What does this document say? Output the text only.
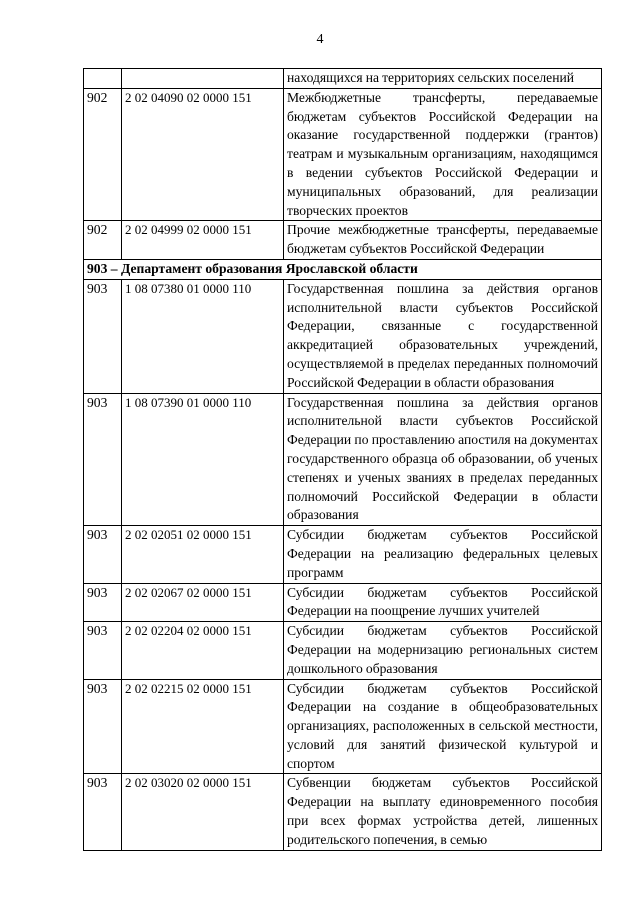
4
		находящихся на территориях сельских поселений
902	2 02 04090 02 0000 151	Межбюджетные трансферты, передаваемые бюджетам субъектов Российской Федерации на оказание государственной поддержки (грантов) театрам и музыкальным организациям, находящимся в ведении субъектов Российской Федерации и муниципальных образований, для реализации творческих проектов
902	2 02 04999 02 0000 151	Прочие межбюджетные трансферты, передаваемые бюджетам субъектов Российской Федерации
903 – Департамент образования Ярославской области		
903	1 08 07380 01 0000 110	Государственная пошлина за действия органов исполнительной власти субъектов Российской Федерации, связанные с государственной аккредитацией образовательных учреждений, осуществляемой в пределах переданных полномочий Российской Федерации в области образования
903	1 08 07390 01 0000 110	Государственная пошлина за действия органов исполнительной власти субъектов Российской Федерации по проставлению апостиля на документах государственного образца об образовании, об ученых степенях и ученых званиях в пределах переданных полномочий Российской Федерации в области образования
903	2 02 02051 02 0000 151	Субсидии бюджетам субъектов Российской Федерации на реализацию федеральных целевых программ
903	2 02 02067 02 0000 151	Субсидии бюджетам субъектов Российской Федерации на поощрение лучших учителей
903	2 02 02204 02 0000 151	Субсидии бюджетам субъектов Российской Федерации на модернизацию региональных систем дошкольного образования
903	2 02 02215 02 0000 151	Субсидии бюджетам субъектов Российской Федерации на создание в общеобразовательных организациях, расположенных в сельской местности, условий для занятий физической культурой и спортом
903	2 02 03020 02 0000 151	Субвенции бюджетам субъектов Российской Федерации на выплату единовременного пособия при всех формах устройства детей, лишенных родительского попечения, в семью
